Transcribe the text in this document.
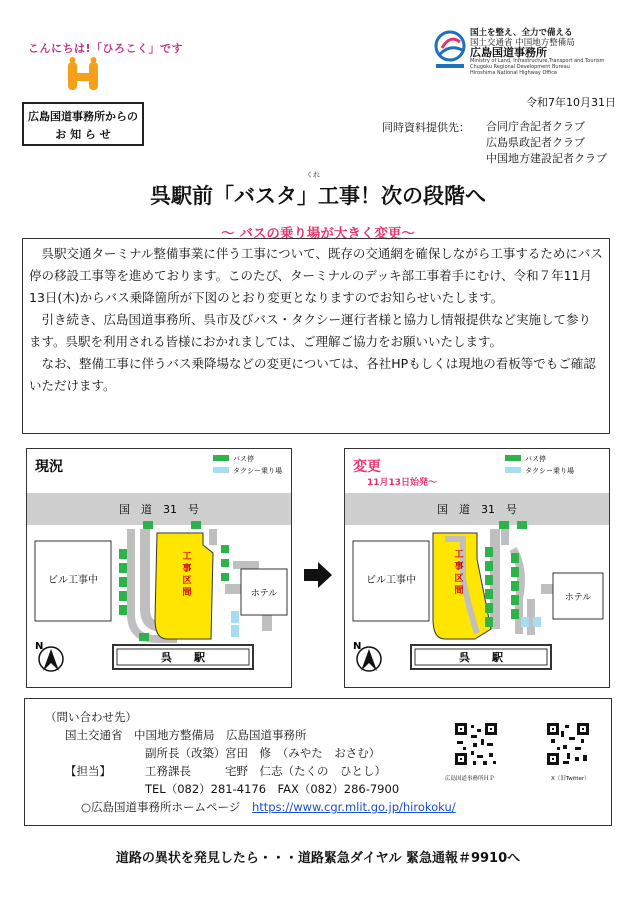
こんにちは!「ひろこく」です
広島国道事務所からの
お 知 ら せ
国土を整え、全力で備える
国土交通省 中国地方整備局
広島国道事務所
Ministry of Land, Infrastructure,Transport and Tourism
Chugoku Regional Development Bureau
Hiroshima National Highway Office
令和7年10月31日
同時資料提供先： 合同庁舎記者クラブ
広島県政記者クラブ
中国地方建設記者クラブ
くれ
呉駅前「バスタ」工事！次の段階へ
～ バスの乗り場が大きく変更～

呉駅交通ターミナル整備事業に伴う工事について、既存の交通網を確保しながら工事するためにバス停の移設工事等を進めております。このたび、ターミナルのデッキ部工事着手にむけ、令和７年11月13日(木)からバス乗降箇所が下図のとおり変更となりますのでお知らせいたします。

引き続き、広島国道事務所、呉市及びバス・タクシー運行者様と協力し情報提供など実施して参ります。呉駅を利用される皆様におかれましては、ご理解ご協力をお願いいたします。

なお、整備工事に伴うバス乗降場などの変更については、各社HPもしくは現地の看板等でもご確認いただけます。

現況	バス停
タクシー乗り場
国　道　31　号
ビル工事中
工事区間	ホテル
呉　　駅
N
変更
11月13日始発～
バス停
タクシー乗り場
国　道　31　号
ビル工事中
工事区間
ホテル
呉　　駅
N
（問い合わせ先）
国土交通省　中国地方整備局　広島国道事務所
副所長（改築） 宮田　修　（みやた　おさむ）
【担当】	工務課長	宅野　仁志（たくの　ひとし）
TEL（082）281-4176　FAX（082）286-7900
○広島国道事務所ホームページ https://www.cgr.mlit.go.jp/hirokoku/
広島国道事務所ＨＰ	X（旧Twitter）
道路の異状を発見したら・・・道路緊急ダイヤル 緊急通報＃9910へ
